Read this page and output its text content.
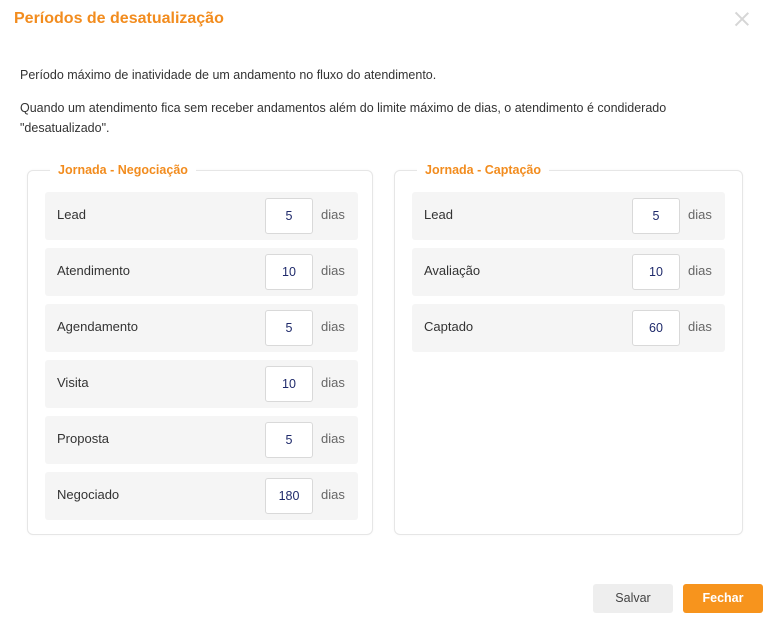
Períodos de desatualização
Período máximo de inatividade de um andamento no fluxo do atendimento.
Quando um atendimento fica sem receber andamentos além do limite máximo de dias, o atendimento é condiderado "desatualizado".
Jornada - Negociação
Lead	5	dias
Atendimento	10	dias
Agendamento	5	dias
Visita	10	dias
Proposta	5	dias
Negociado	180	dias
Jornada - Captação
Lead	5	dias
Avaliação	10	dias
Captado	60	dias
Salvar	Fechar
